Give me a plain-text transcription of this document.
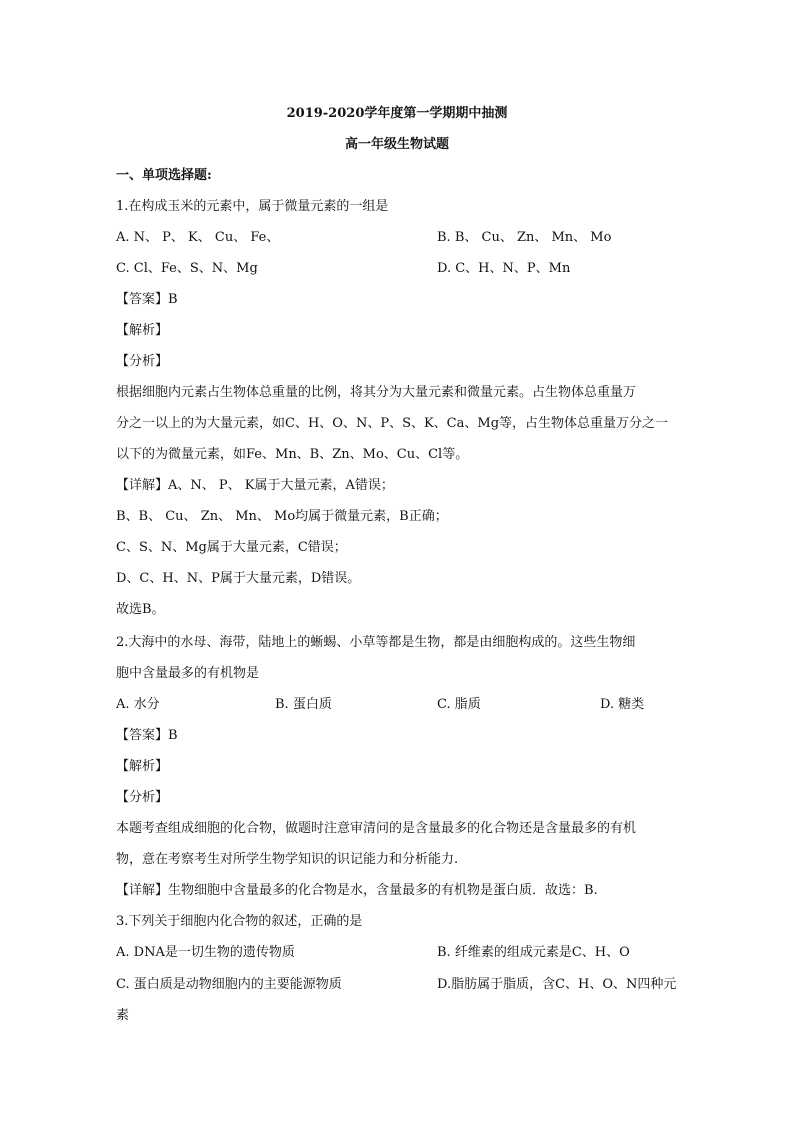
2019-2020学年度第一学期期中抽测
高一年级生物试题
一、单项选择题:
1.在构成玉米的元素中，属于微量元素的一组是
A. N、 P、 K、 Cu、 Fe、	B. B、 Cu、 Zn、 Mn、 Mo
C. Cl、Fe、S、N、Mg	D. C、H、N、P、Mn
【答案】B
【解析】
【分析】
根据细胞内元素占生物体总重量的比例，将其分为大量元素和微量元素。占生物体总重量万
分之一以上的为大量元素，如C、H、O、N、P、S、K、Ca、Mg等，占生物体总重量万分之一
以下的为微量元素，如Fe、Mn、B、Zn、Mo、Cu、Cl等。
【详解】A、N、 P、 K属于大量元素，A错误；
B、B、 Cu、 Zn、 Mn、 Mo均属于微量元素，B正确；
C、S、N、Mg属于大量元素，C错误；
D、C、H、N、P属于大量元素，D错误。
故选B。
2.大海中的水母、海带，陆地上的蜥蜴、小草等都是生物，都是由细胞构成的。这些生物细
胞中含量最多的有机物是
A. 水分	B. 蛋白质	C. 脂质	D. 糖类
【答案】B
【解析】
【分析】
本题考查组成细胞的化合物，做题时注意审清问的是含量最多的化合物还是含量最多的有机
物，意在考察考生对所学生物学知识的识记能力和分析能力.
【详解】生物细胞中含量最多的化合物是水，含量最多的有机物是蛋白质．故选：B.
3.下列关于细胞内化合物的叙述，正确的是
A. DNA是一切生物的遗传物质	B. 纤维素的组成元素是C、H、O
C. 蛋白质是动物细胞内的主要能源物质	D.脂肪属于脂质，含C、H、O、N四种元
素
